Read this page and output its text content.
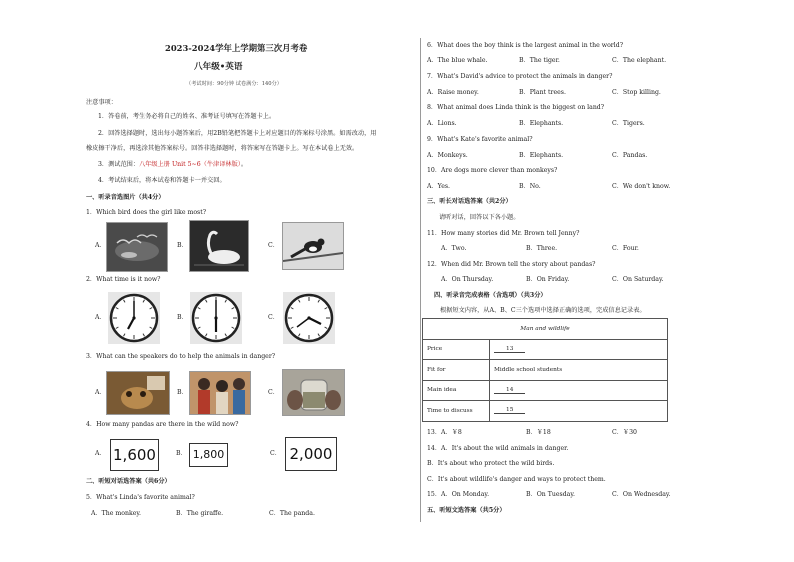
2023-2024学年上学期第三次月考卷
八年级•英语
（考试时间：90分钟 试卷满分：140分）
注意事项：
1．答卷前，考生务必将自己的姓名、准考证号填写在答题卡上。
2．回答选择题时，选出每小题答案后，用2B铅笔把答题卡上对应题目的答案标号涂黑。如需改动，用
橡皮擦干净后，再选涂其他答案标号。回答非选择题时，将答案写在答题卡上。写在本试卷上无效。
3．测试范围：八年级上册 Unit 5~6（牛津译林版）。
4．考试结束后，将本试卷和答题卡一并交回。
一、听录音选图片（共4分）
1．Which bird does the girl like most?
A．	B．	C．
2．What time is it now?
A．	B．	C．
3．What can the speakers do to help the animals in danger?
A．	B．	C．
4．How many pandas are there in the wild now?
A． 1,600	B． 1,800	C． 2,000
二、听短对话选答案（共6分）
5．What's Linda's favorite animal?
A．The monkey.	B．The giraffe.	C．The panda.
6．What does the boy think is the largest animal in the world?
A．The blue whale.	B．The tiger.	C．The elephant.
7．What's David's advice to protect the animals in danger?
A．Raise money.	B．Plant trees.	C．Stop killing.
8．What animal does Linda think is the biggest on land?
A．Lions.	B．Elephants.	C．Tigers.
9．What's Kate's favorite animal?
A．Monkeys.	B．Elephants.	C．Pandas.
10．Are dogs more clever than monkeys?
A．Yes.	B．No.	C．We don't know.
三、听长对话选答案（共2分）
请听对话，回答以下各小题。
11．How many stories did Mr. Brown tell Jenny?
A．Two.	B．Three.	C．Four.
12．When did Mr. Brown tell the story about pandas?
A．On Thursday.	B．On Friday.	C．On Saturday.
四、听录音完成表格（含选项）（共3分）
根据短文内容，从A、B、C三个选项中选择正确的选项，完成信息记录表。
Man and wildlife	
Price	13
Fit for	Middle school students
Main idea	14
Time to discuss	15
13．A．￥8	B．￥18	C．￥30
14．A．It's about the wild animals in danger.
B．It's about who protect the wild birds.
C．It's about wildlife's danger and ways to protect them.
15．A．On Monday.	B．On Tuesday.	C．On Wednesday.
五、听短文选答案（共5分）
